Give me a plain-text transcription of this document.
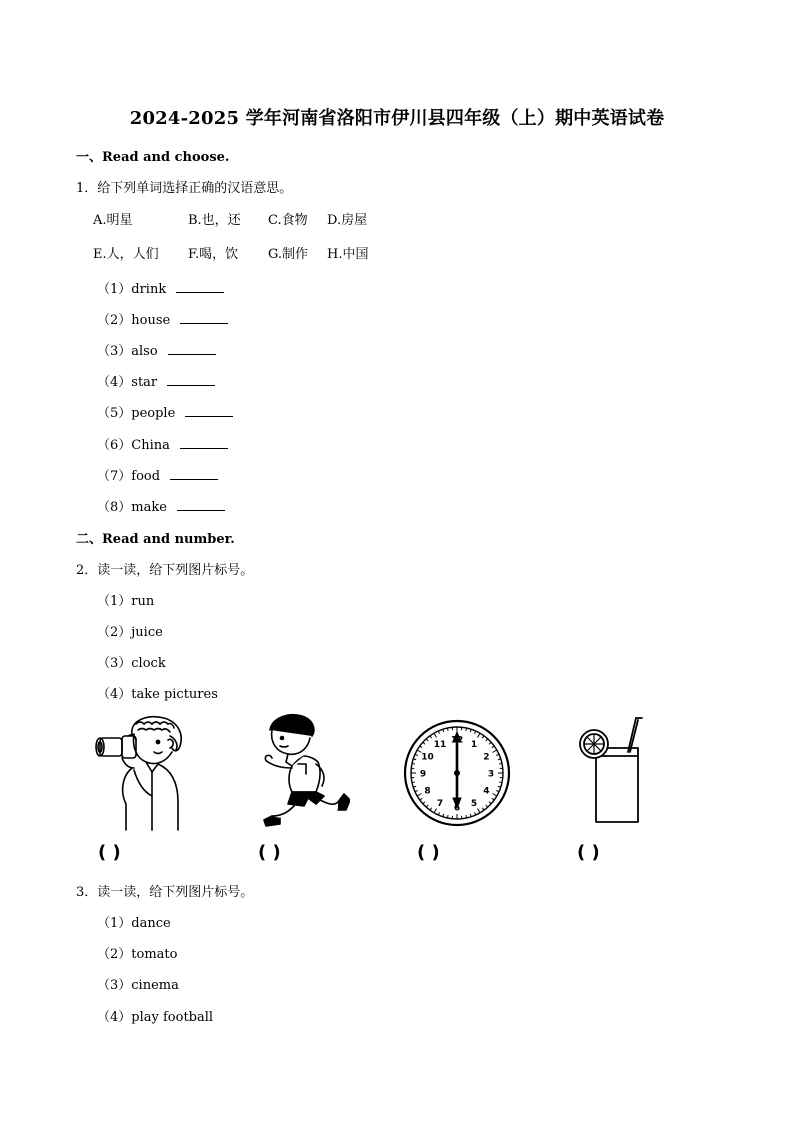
2024-2025 学年河南省洛阳市伊川县四年级（上）期中英语试卷
一、Read and choose.
1．给下列单词选择正确的汉语意思。
A.明星	B.也，还 C.食物 D.房屋
E.人，人们 F.喝，饮 G.制作 H.中国
（1）drink
（2）house
（3）also
（4）star
（5）people
（6）China
（7）food
（8）make
二、Read and number.
2．读一读，给下列图片标号。
（1）run
（2）juice
（3）clock
（4）take pictures
1
2
3
4
5
6
7
8
9
10
11 12
( )	( )	( )	( )
3．读一读，给下列图片标号。
（1）dance
（2）tomato
（3）cinema
（4）play football
